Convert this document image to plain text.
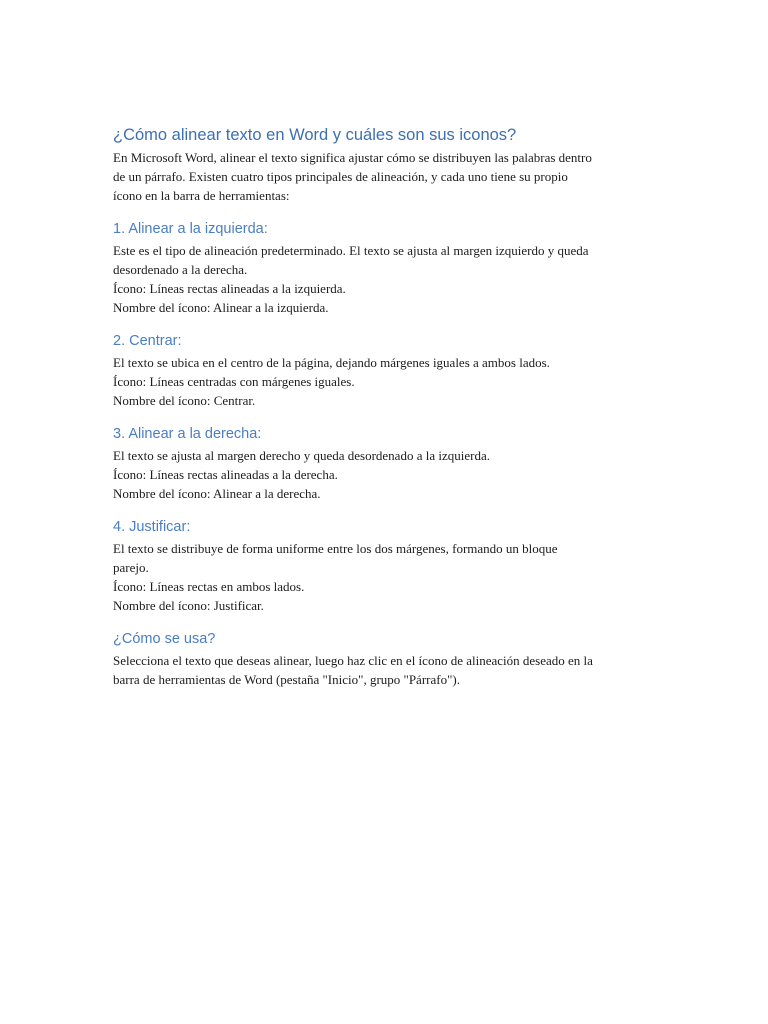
¿Cómo alinear texto en Word y cuáles son sus iconos?

En Microsoft Word, alinear el texto significa ajustar cómo se distribuyen las palabras dentro
de un párrafo. Existen cuatro tipos principales de alineación, y cada uno tiene su propio
ícono en la barra de herramientas:

1. Alinear a la izquierda:

Este es el tipo de alineación predeterminado. El texto se ajusta al margen izquierdo y queda
desordenado a la derecha.
Ícono: Líneas rectas alineadas a la izquierda.
Nombre del ícono: Alinear a la izquierda.

2. Centrar:

El texto se ubica en el centro de la página, dejando márgenes iguales a ambos lados.
Ícono: Líneas centradas con márgenes iguales.
Nombre del ícono: Centrar.

3. Alinear a la derecha:

El texto se ajusta al margen derecho y queda desordenado a la izquierda.
Ícono: Líneas rectas alineadas a la derecha.
Nombre del ícono: Alinear a la derecha.

4. Justificar:

El texto se distribuye de forma uniforme entre los dos márgenes, formando un bloque
parejo.
Ícono: Líneas rectas en ambos lados.
Nombre del ícono: Justificar.

¿Cómo se usa?

Selecciona el texto que deseas alinear, luego haz clic en el ícono de alineación deseado en la
barra de herramientas de Word (pestaña "Inicio", grupo "Párrafo").
